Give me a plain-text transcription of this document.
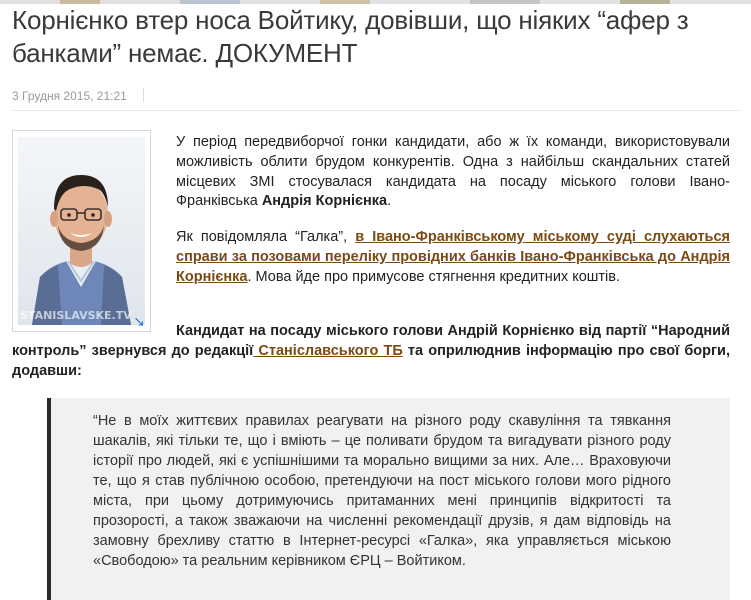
Корнієнко втер носа Войтику, довівши, що ніяких “афер з банками” немає. ДОКУМЕНТ
3 Грудня 2015, 21:21
STANISLAVSKE.TV ↘
У період передвиборчої гонки кандидати, або ж їх команди, використовували можливість облити брудом конкурентів. Одна з найбільш скандальних статей місцевих ЗМІ стосувалася кандидата на посаду міського голови Івано-Франківська Андрія Корнієнка.
Як повідомляла “Галка”, в Івано-Франківському міському суді слухаються справи за позовами переліку провідних банків Івано-Франківська до Андрія Корнієнка. Мова йде про примусове стягнення кредитних коштів.
Кандидат на посаду міського голови Андрій Корнієнко від партії “Народний контроль” звернувся до редакції Станіславського ТБ та оприлюднив інформацію про свої борги, додавши:
“Не в моїх життєвих правилах реагувати на різного роду скавуління та тявкання шакалів, які тільки те, що і вміють – це поливати брудом та вигадувати різного роду історії про людей, які є успішнішими та морально вищими за них. Але… Враховуючи те, що я став публічною особою, претендуючи на пост міського голови мого рідного міста, при цьому дотримуючись притаманних мені принципів відкритості та прозорості, а також зважаючи на численні рекомендації друзів, я дам відповідь на замовну брехливу статтю в Інтернет-ресурсі «Галка», яка управляється міською «Свободою» та реальним керівником ЄРЦ – Войтиком.
